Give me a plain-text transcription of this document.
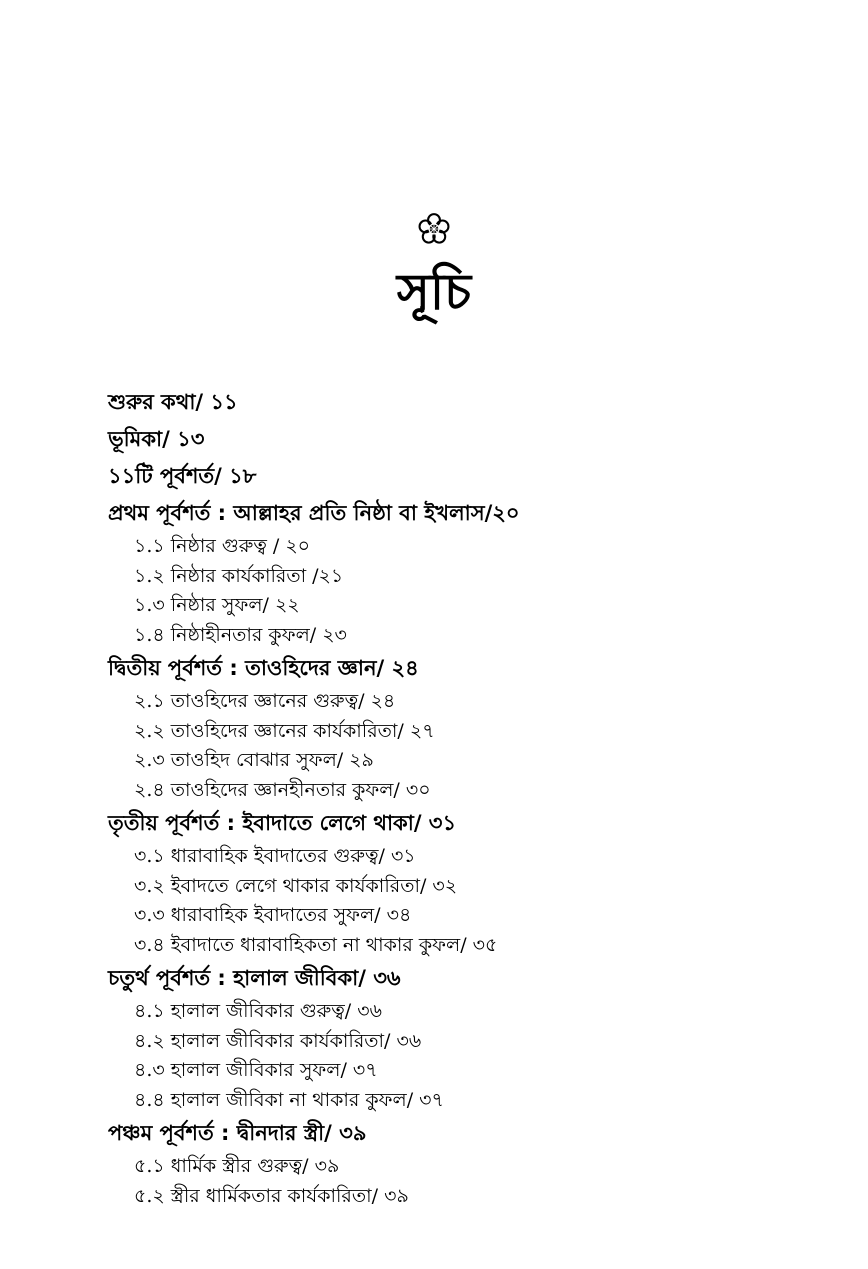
সূচি
শুরুর কথা/ ১১
ভূমিকা/ ১৩
১১টি পূর্বশর্ত/ ১৮
প্রথম পূর্বশর্ত : আল্লাহর প্রতি নিষ্ঠা বা ইখলাস/২০
১.১ নিষ্ঠার গুরুত্ব / ২০
১.২ নিষ্ঠার কার্যকারিতা /২১
১.৩ নিষ্ঠার সুফল/ ২২
১.৪ নিষ্ঠাহীনতার কুফল/ ২৩
দ্বিতীয় পূর্বশর্ত : তাওহিদের জ্ঞান/ ২৪
২.১ তাওহিদের জ্ঞানের গুরুত্ব/ ২৪
২.২ তাওহিদের জ্ঞানের কার্যকারিতা/ ২৭
২.৩ তাওহিদ বোঝার সুফল/ ২৯
২.৪ তাওহিদের জ্ঞানহীনতার কুফল/ ৩০
তৃতীয় পূর্বশর্ত : ইবাদাতে লেগে থাকা/ ৩১
৩.১ ধারাবাহিক ইবাদাতের গুরুত্ব/ ৩১
৩.২ ইবাদতে লেগে থাকার কার্যকারিতা/ ৩২
৩.৩ ধারাবাহিক ইবাদাতের সুফল/ ৩৪
৩.৪ ইবাদাতে ধারাবাহিকতা না থাকার কুফল/ ৩৫
চতুর্থ পূর্বশর্ত : হালাল জীবিকা/ ৩৬
৪.১ হালাল জীবিকার গুরুত্ব/ ৩৬
৪.২ হালাল জীবিকার কার্যকারিতা/ ৩৬
৪.৩ হালাল জীবিকার সুফল/ ৩৭
৪.৪ হালাল জীবিকা না থাকার কুফল/ ৩৭
পঞ্চম পূর্বশর্ত : দ্বীনদার স্ত্রী/ ৩৯
৫.১ ধার্মিক স্ত্রীর গুরুত্ব/ ৩৯
৫.২ স্ত্রীর ধার্মিকতার কার্যকারিতা/ ৩৯
